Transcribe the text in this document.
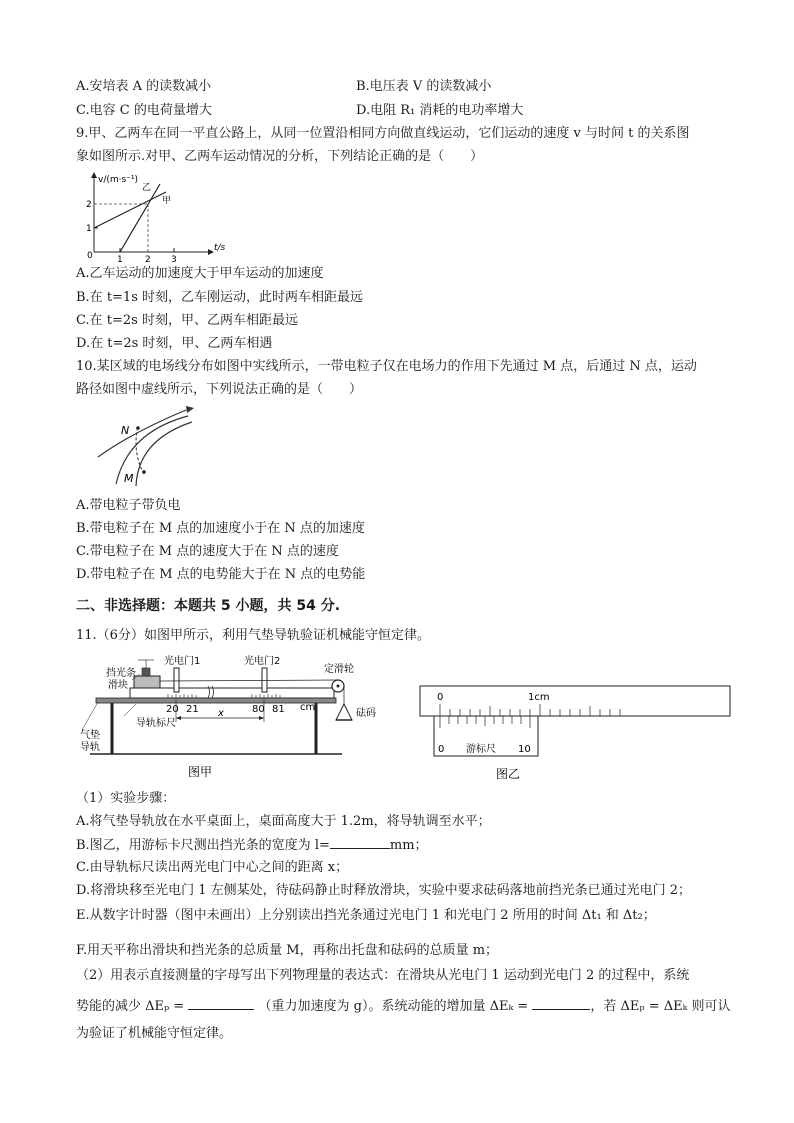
A.安培表 A 的读数减小	B.电压表 V 的读数减小
C.电容 C 的电荷量增大	D.电阻 R₁ 消耗的电功率增大
9.甲、乙两车在同一平直公路上，从同一位置沿相同方向做直线运动，它们运动的速度 v 与时间 t 的关系图
象如图所示.对甲、乙两车运动情况的分析，下列结论正确的是（　　）
v/(m·s⁻¹)
t/s
0	1 2 3
1
2
乙
甲
A.乙车运动的加速度大于甲车运动的加速度
B.在 t=1s 时刻，乙车刚运动，此时两车相距最远
C.在 t=2s 时刻，甲、乙两车相距最远
D.在 t=2s 时刻，甲、乙两车相遇
10.某区域的电场线分布如图中实线所示，一带电粒子仅在电场力的作用下先通过 M 点，后通过 N 点，运动
路径如图中虚线所示，下列说法正确的是（　　）
N
M
A.带电粒子带负电
B.带电粒子在 M 点的加速度小于在 N 点的加速度
C.带电粒子在 M 点的速度大于在 N 点的速度
D.带电粒子在 M 点的电势能大于在 N 点的电势能
二、非选择题：本题共 5 小题，共 54 分.
11.（6分）如图甲所示，利用气垫导轨验证机械能守恒定律。
挡光条
滑块
光电门1	光电门2
定滑轮
气垫
导轨
导轨标尺
砝码
20 21	80 81 cm
x
图甲
0	1cm
0 游标尺 10
图乙
（1）实验步骤：
A.将气垫导轨放在水平桌面上，桌面高度大于 1.2m，将导轨调至水平；
B.图乙，用游标卡尺测出挡光条的宽度为 l=	mm；
C.由导轨标尺读出两光电门中心之间的距离 x；
D.将滑块移至光电门 1 左侧某处，待砝码静止时释放滑块，实验中要求砝码落地前挡光条已通过光电门 2；
E.从数字计时器（图中未画出）上分别读出挡光条通过光电门 1 和光电门 2 所用的时间 Δt₁ 和 Δt₂；
F.用天平称出滑块和挡光条的总质量 M，再称出托盘和砝码的总质量 m；
（2）用表示直接测量的字母写出下列物理量的表达式：在滑块从光电门 1 运动到光电门 2 的过程中，系统
势能的减少 ΔEₚ =	（重力加速度为 g）。系统动能的增加量 ΔEₖ =	，若 ΔEₚ = ΔEₖ 则可认
为验证了机械能守恒定律。
